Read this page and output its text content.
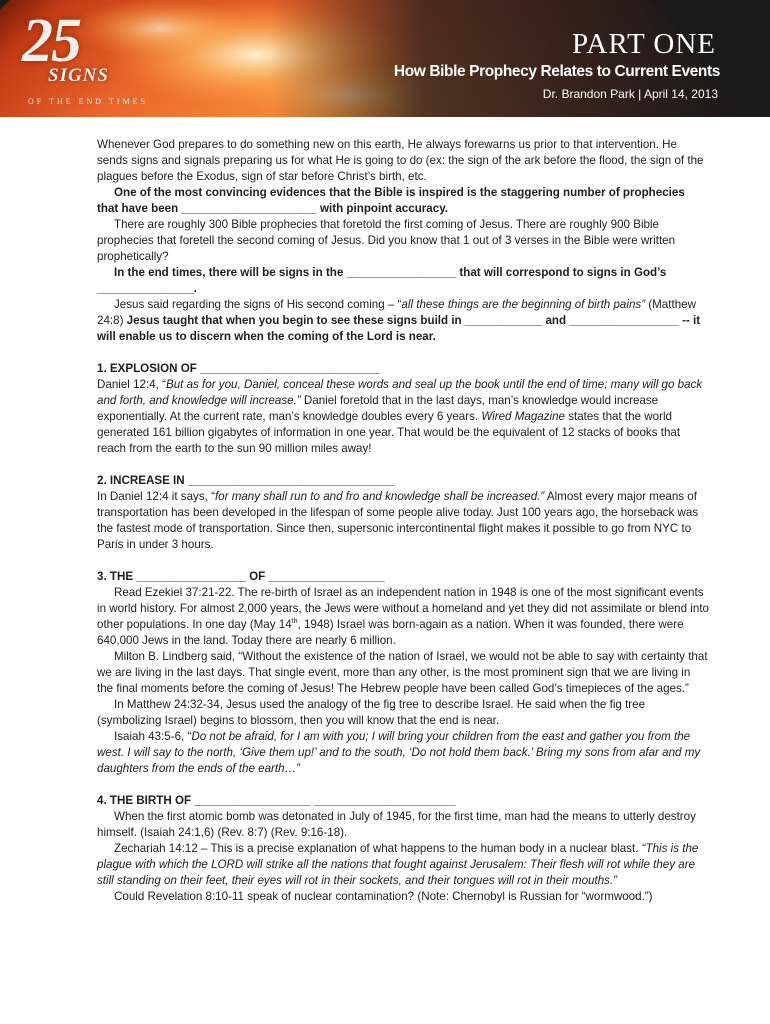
25
SIGNS
OF THE END TIMES
PART ONE
How Bible Prophecy Relates to Current Events
Dr. Brandon Park | April 14, 2013

Whenever God prepares to do something new on this earth, He always forewarns us prior to that intervention. He sends signs and signals preparing us for what He is going to do (ex: the sign of the ark before the flood, the sign of the plagues before the Exodus, sign of star before Christ’s birth, etc.

One of the most convincing evidences that the Bible is inspired is the staggering number of prophecies that have been _____________________ with pinpoint accuracy.

There are roughly 300 Bible prophecies that foretold the first coming of Jesus. There are roughly 900 Bible prophecies that foretell the second coming of Jesus. Did you know that 1 out of 3 verses in the Bible were written prophetically?

In the end times, there will be signs in the _________________ that will correspond to signs in God’s _______________.

Jesus said regarding the signs of His second coming – “all these things are the beginning of birth pains” (Matthew 24:8) Jesus taught that when you begin to see these signs build in ____________ and _________________ -- it will enable us to discern when the coming of the Lord is near.

1. EXPLOSION OF ____________________________

Daniel 12:4, “But as for you, Daniel, conceal these words and seal up the book until the end of time; many will go back and forth, and knowledge will increase.” Daniel foretold that in the last days, man’s knowledge would increase exponentially. At the current rate, man’s knowledge doubles every 6 years. Wired Magazine states that the world generated 161 billion gigabytes of information in one year. That would be the equivalent of 12 stacks of books that reach from the earth to the sun 90 million miles away!

2. INCREASE IN ________________________________

In Daniel 12:4 it says, “for many shall run to and fro and knowledge shall be increased.” Almost every major means of transportation has been developed in the lifespan of some people alive today. Just 100 years ago, the horseback was the fastest mode of transportation. Since then, supersonic intercontinental flight makes it possible to go from NYC to Paris in under 3 hours.

3. THE _________________ OF __________________

Read Ezekiel 37:21-22. The re-birth of Israel as an independent nation in 1948 is one of the most significant events in world history. For almost 2,000 years, the Jews were without a homeland and yet they did not assimilate or blend into other populations. In one day (May 14th, 1948) Israel was born-again as a nation. When it was founded, there were 640,000 Jews in the land. Today there are nearly 6 million.

Milton B. Lindberg said, “Without the existence of the nation of Israel, we would not be able to say with certainty that we are living in the last days. That single event, more than any other, is the most prominent sign that we are living in the final moments before the coming of Jesus! The Hebrew people have been called God’s timepieces of the ages.”

In Matthew 24:32-34, Jesus used the analogy of the fig tree to describe Israel. He said when the fig tree (symbolizing Israel) begins to blossom, then you will know that the end is near.

Isaiah 43:5-6, “Do not be afraid, for I am with you; I will bring your children from the east and gather you from the west. I will say to the north, ‘Give them up!’ and to the south, ‘Do not hold them back.’ Bring my sons from afar and my daughters from the ends of the earth…”

4. THE BIRTH OF __________________ ______________________

When the first atomic bomb was detonated in July of 1945, for the first time, man had the means to utterly destroy himself. (Isaiah 24:1,6) (Rev. 8:7) (Rev. 9:16-18).

Zechariah 14:12 – This is a precise explanation of what happens to the human body in a nuclear blast. “This is the plague with which the LORD will strike all the nations that fought against Jerusalem: Their flesh will rot while they are still standing on their feet, their eyes will rot in their sockets, and their tongues will rot in their mouths.”

Could Revelation 8:10-11 speak of nuclear contamination? (Note: Chernobyl is Russian for “wormwood.”)
